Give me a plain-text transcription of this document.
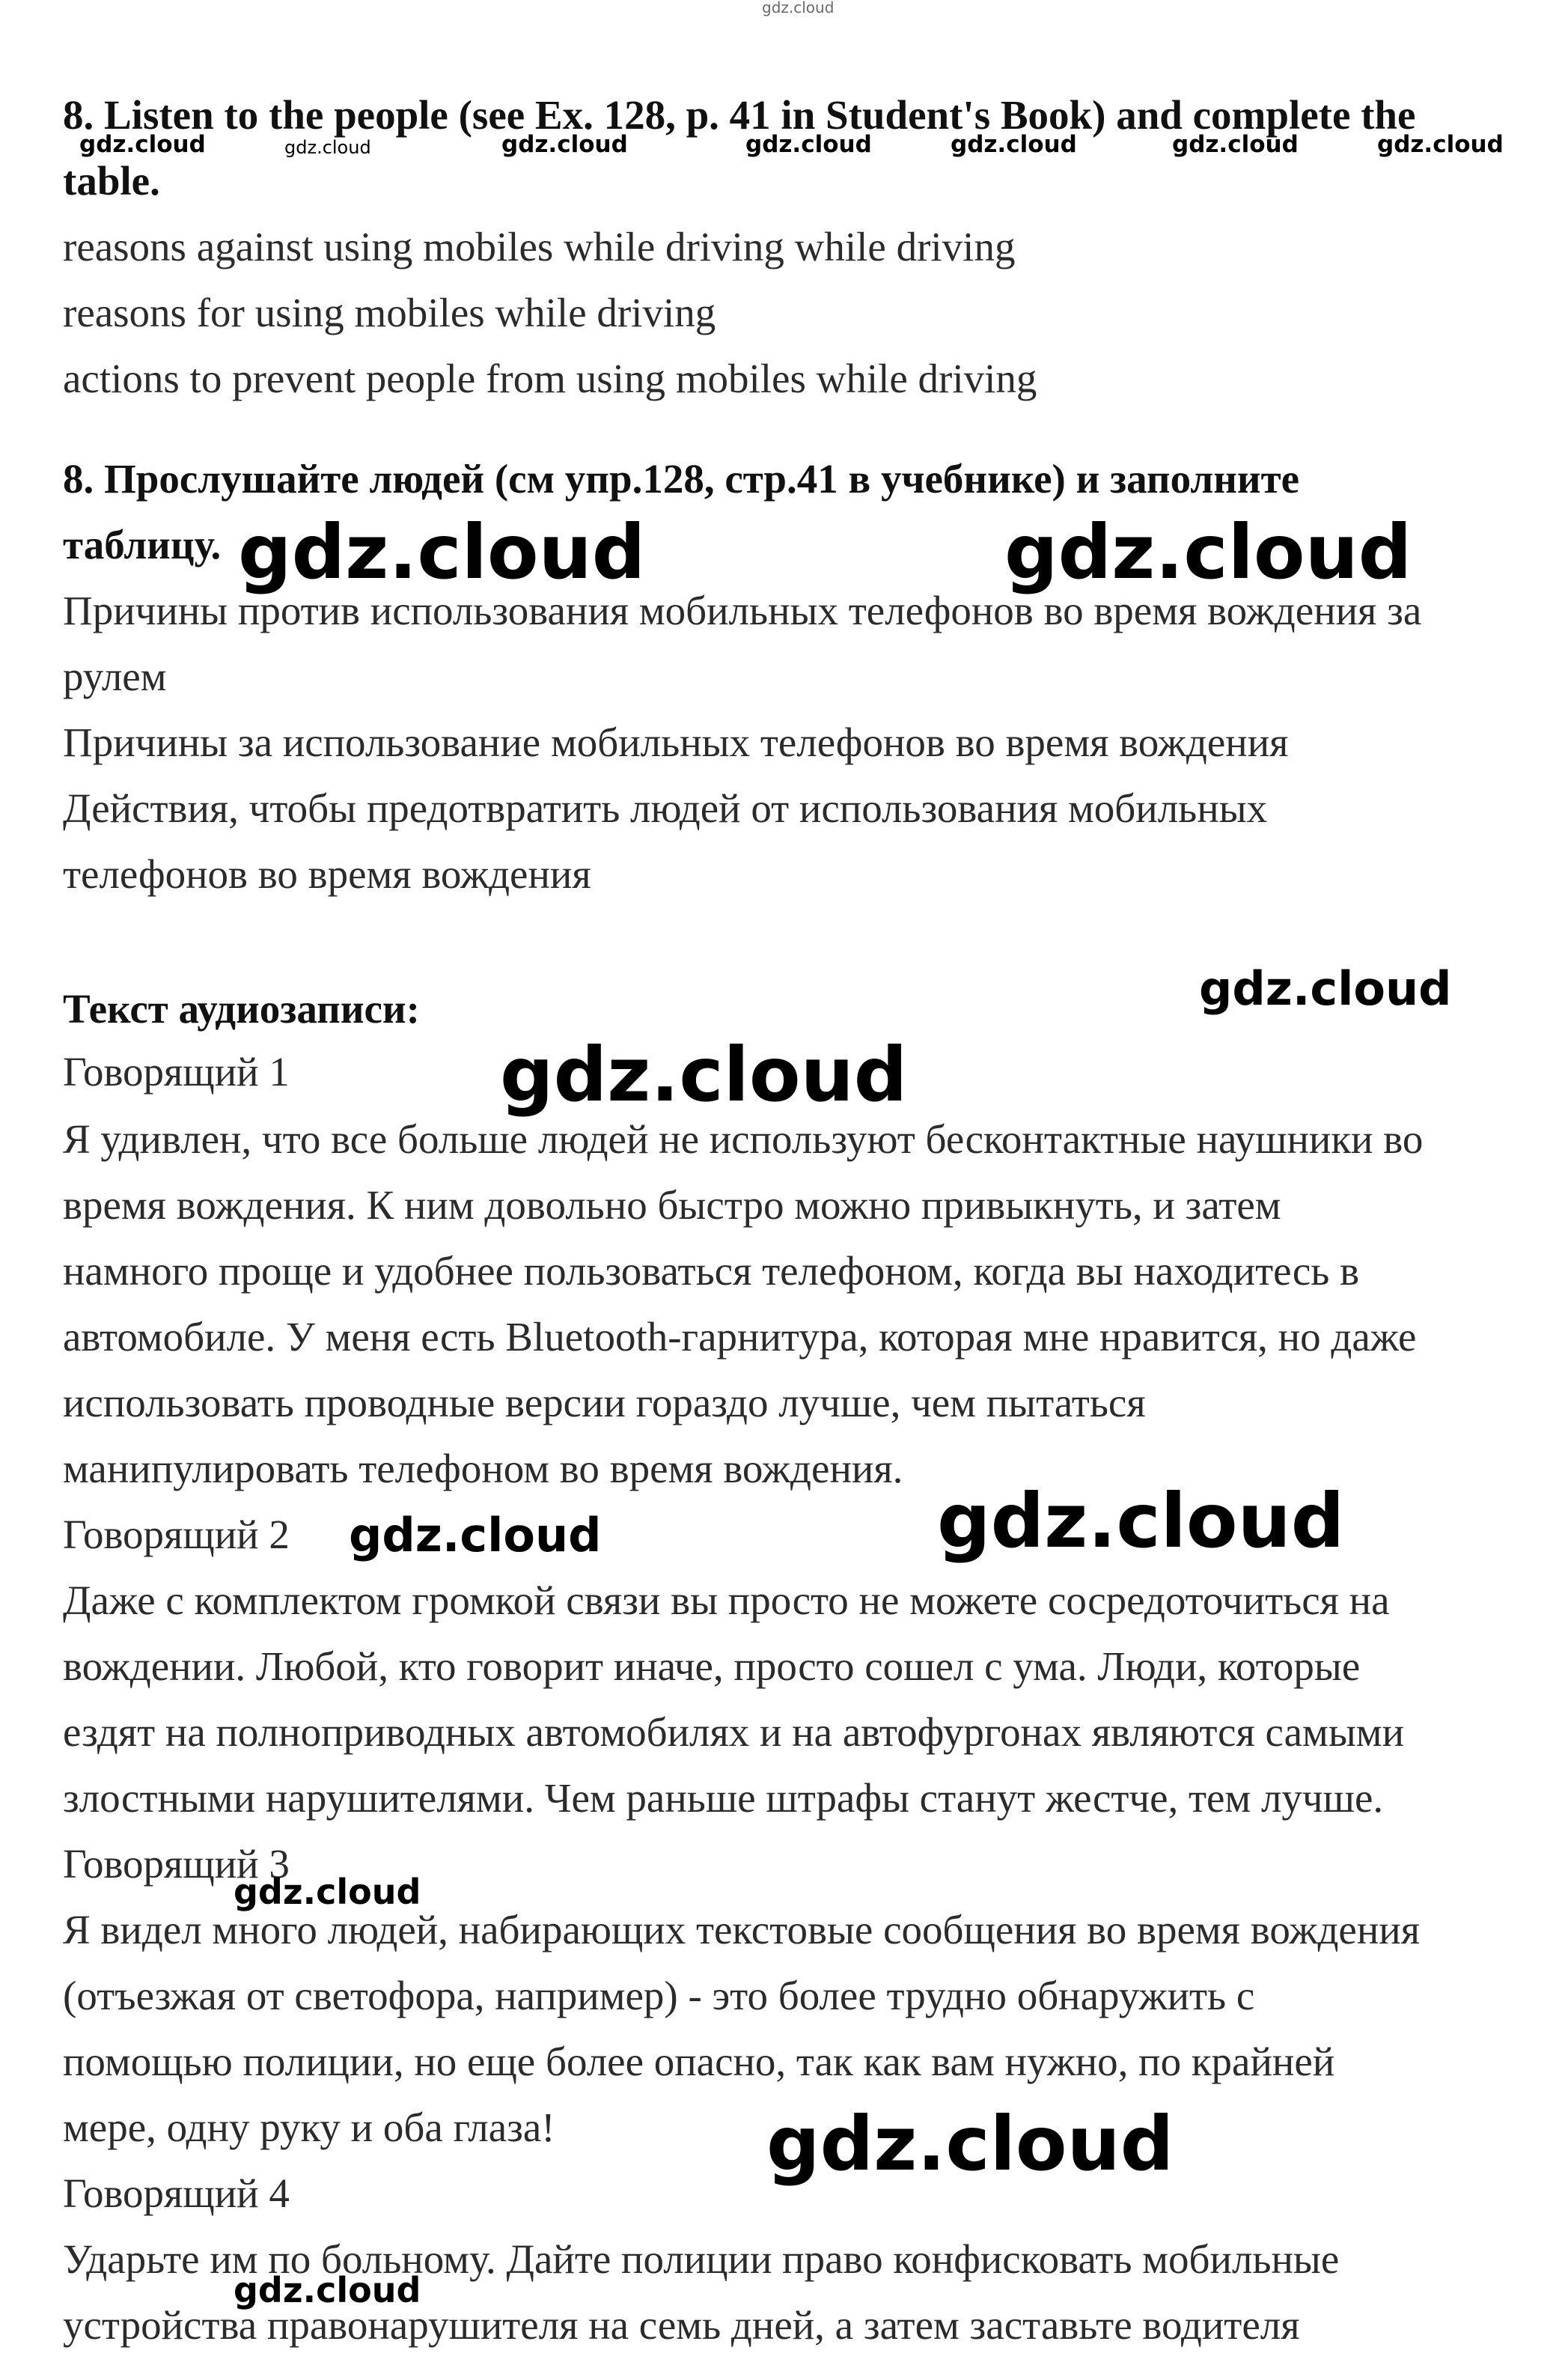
gdz.cloud
8. Listen to the people (see Ex. 128, p. 41 in Student's Book) and complete the
table.
reasons against using mobiles while driving while driving
reasons for using mobiles while driving
actions to prevent people from using mobiles while driving
8. Прослушайте людей (см упр.128, стр.41 в учебнике) и заполните
таблицу.
Причины против использования мобильных телефонов во время вождения за
рулем
Причины за использование мобильных телефонов во время вождения
Действия, чтобы предотвратить людей от использования мобильных
телефонов во время вождения
Текст аудиозаписи:
Говорящий 1
Я удивлен, что все больше людей не используют бесконтактные наушники во
время вождения. К ним довольно быстро можно привыкнуть, и затем
намного проще и удобнее пользоваться телефоном, когда вы находитесь в
автомобиле. У меня есть Bluetooth-гарнитура, которая мне нравится, но даже
использовать проводные версии гораздо лучше, чем пытаться
манипулировать телефоном во время вождения.
Говорящий 2
Даже с комплектом громкой связи вы просто не можете сосредоточиться на
вождении. Любой, кто говорит иначе, просто сошел с ума. Люди, которые
ездят на полноприводных автомобилях и на автофургонах являются самыми
злостными нарушителями. Чем раньше штрафы станут жестче, тем лучше.
Говорящий 3
Я видел много людей, набирающих текстовые сообщения во время вождения
(отъезжая от светофора, например) - это более трудно обнаружить с
помощью полиции, но еще более опасно, так как вам нужно, по крайней
мере, одну руку и оба глаза!
Говорящий 4
Ударьте им по больному. Дайте полиции право конфисковать мобильные
устройства правонарушителя на семь дней, а затем заставьте водителя
gdz.cloud	gdz.cloud	gdz.cloud	gdz.cloud	gdz.cloud	gdz.cloud	gdz.cloud
gdz.cloud	gdz.cloud
gdz.cloud
gdz.cloud
gdz.cloud	gdz.cloud
gdz.cloud
gdz.cloud
gdz.cloud
